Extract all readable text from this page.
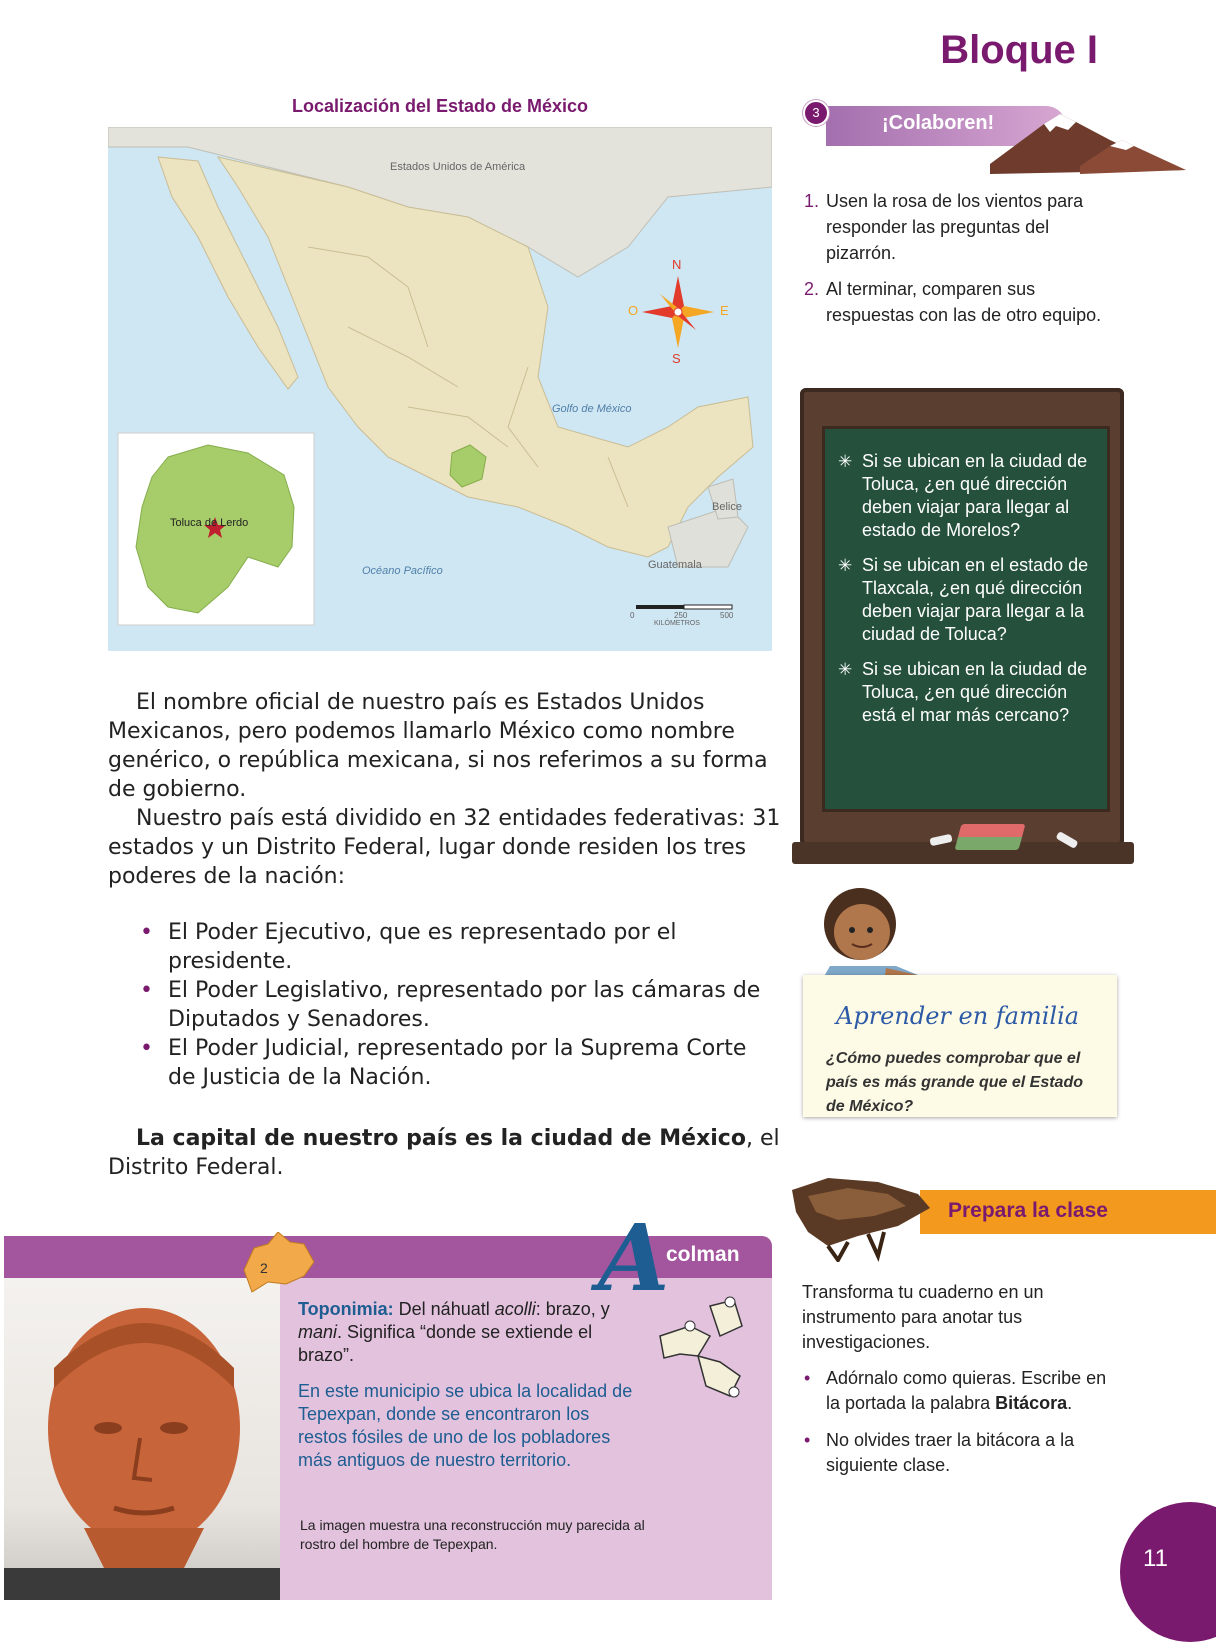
Bloque I
Localización del Estado de México
Estados Unidos de América
Golfo de México
Océano Pacífico
Belice
Guatemala
Toluca de Lerdo
0	250	500
KILÓMETROS
N
S
E
O

El nombre oficial de nuestro país es Estados Unidos Mexicanos, pero podemos llamarlo México como nombre genérico, o república mexicana, si nos referimos a su forma de gobierno.

Nuestro país está dividido en 32 entidades federativas: 31 estados y un Distrito Federal, lugar donde residen los tres poderes de la nación:

• El Poder Ejecutivo, que es representado por el presidente.
• El Poder Legislativo, representado por las cámaras de Diputados y Senadores.
• El Poder Judicial, representado por la Suprema Corte de Justicia de la Nación.

La capital de nuestro país es la ciudad de México, el Distrito Federal.

3	¡Colaboren!
1. Usen la rosa de los vientos para responder las preguntas del pizarrón.
2. Al terminar, comparen sus respuestas con las de otro equipo.
✳ Si se ubican en la ciudad de Toluca, ¿en qué dirección deben viajar para llegar al estado de Morelos?
✳ Si se ubican en el estado de Tlaxcala, ¿en qué dirección deben viajar para llegar a la ciudad de Toluca?
✳ Si se ubican en la ciudad de Toluca, ¿en qué dirección está el mar más cercano?
Aprender en familia
¿Cómo puedes comprobar que el país es más grande que el Estado de México?
Prepara la clase

Transforma tu cuaderno en un instrumento para anotar tus investigaciones.

• Adórnalo como quieras. Escribe en la portada la palabra Bitácora.
• No olvides traer la bitácora a la siguiente clase.
11
2	A
colman

Toponimia: Del náhuatl acolli: brazo, y mani. Significa “donde se extiende el brazo”.

En este municipio se ubica la localidad de Tepexpan, donde se encontraron los restos fósiles de uno de los pobladores más antiguos de nuestro territorio.

La imagen muestra una reconstrucción muy parecida al rostro del hombre de Tepexpan.
